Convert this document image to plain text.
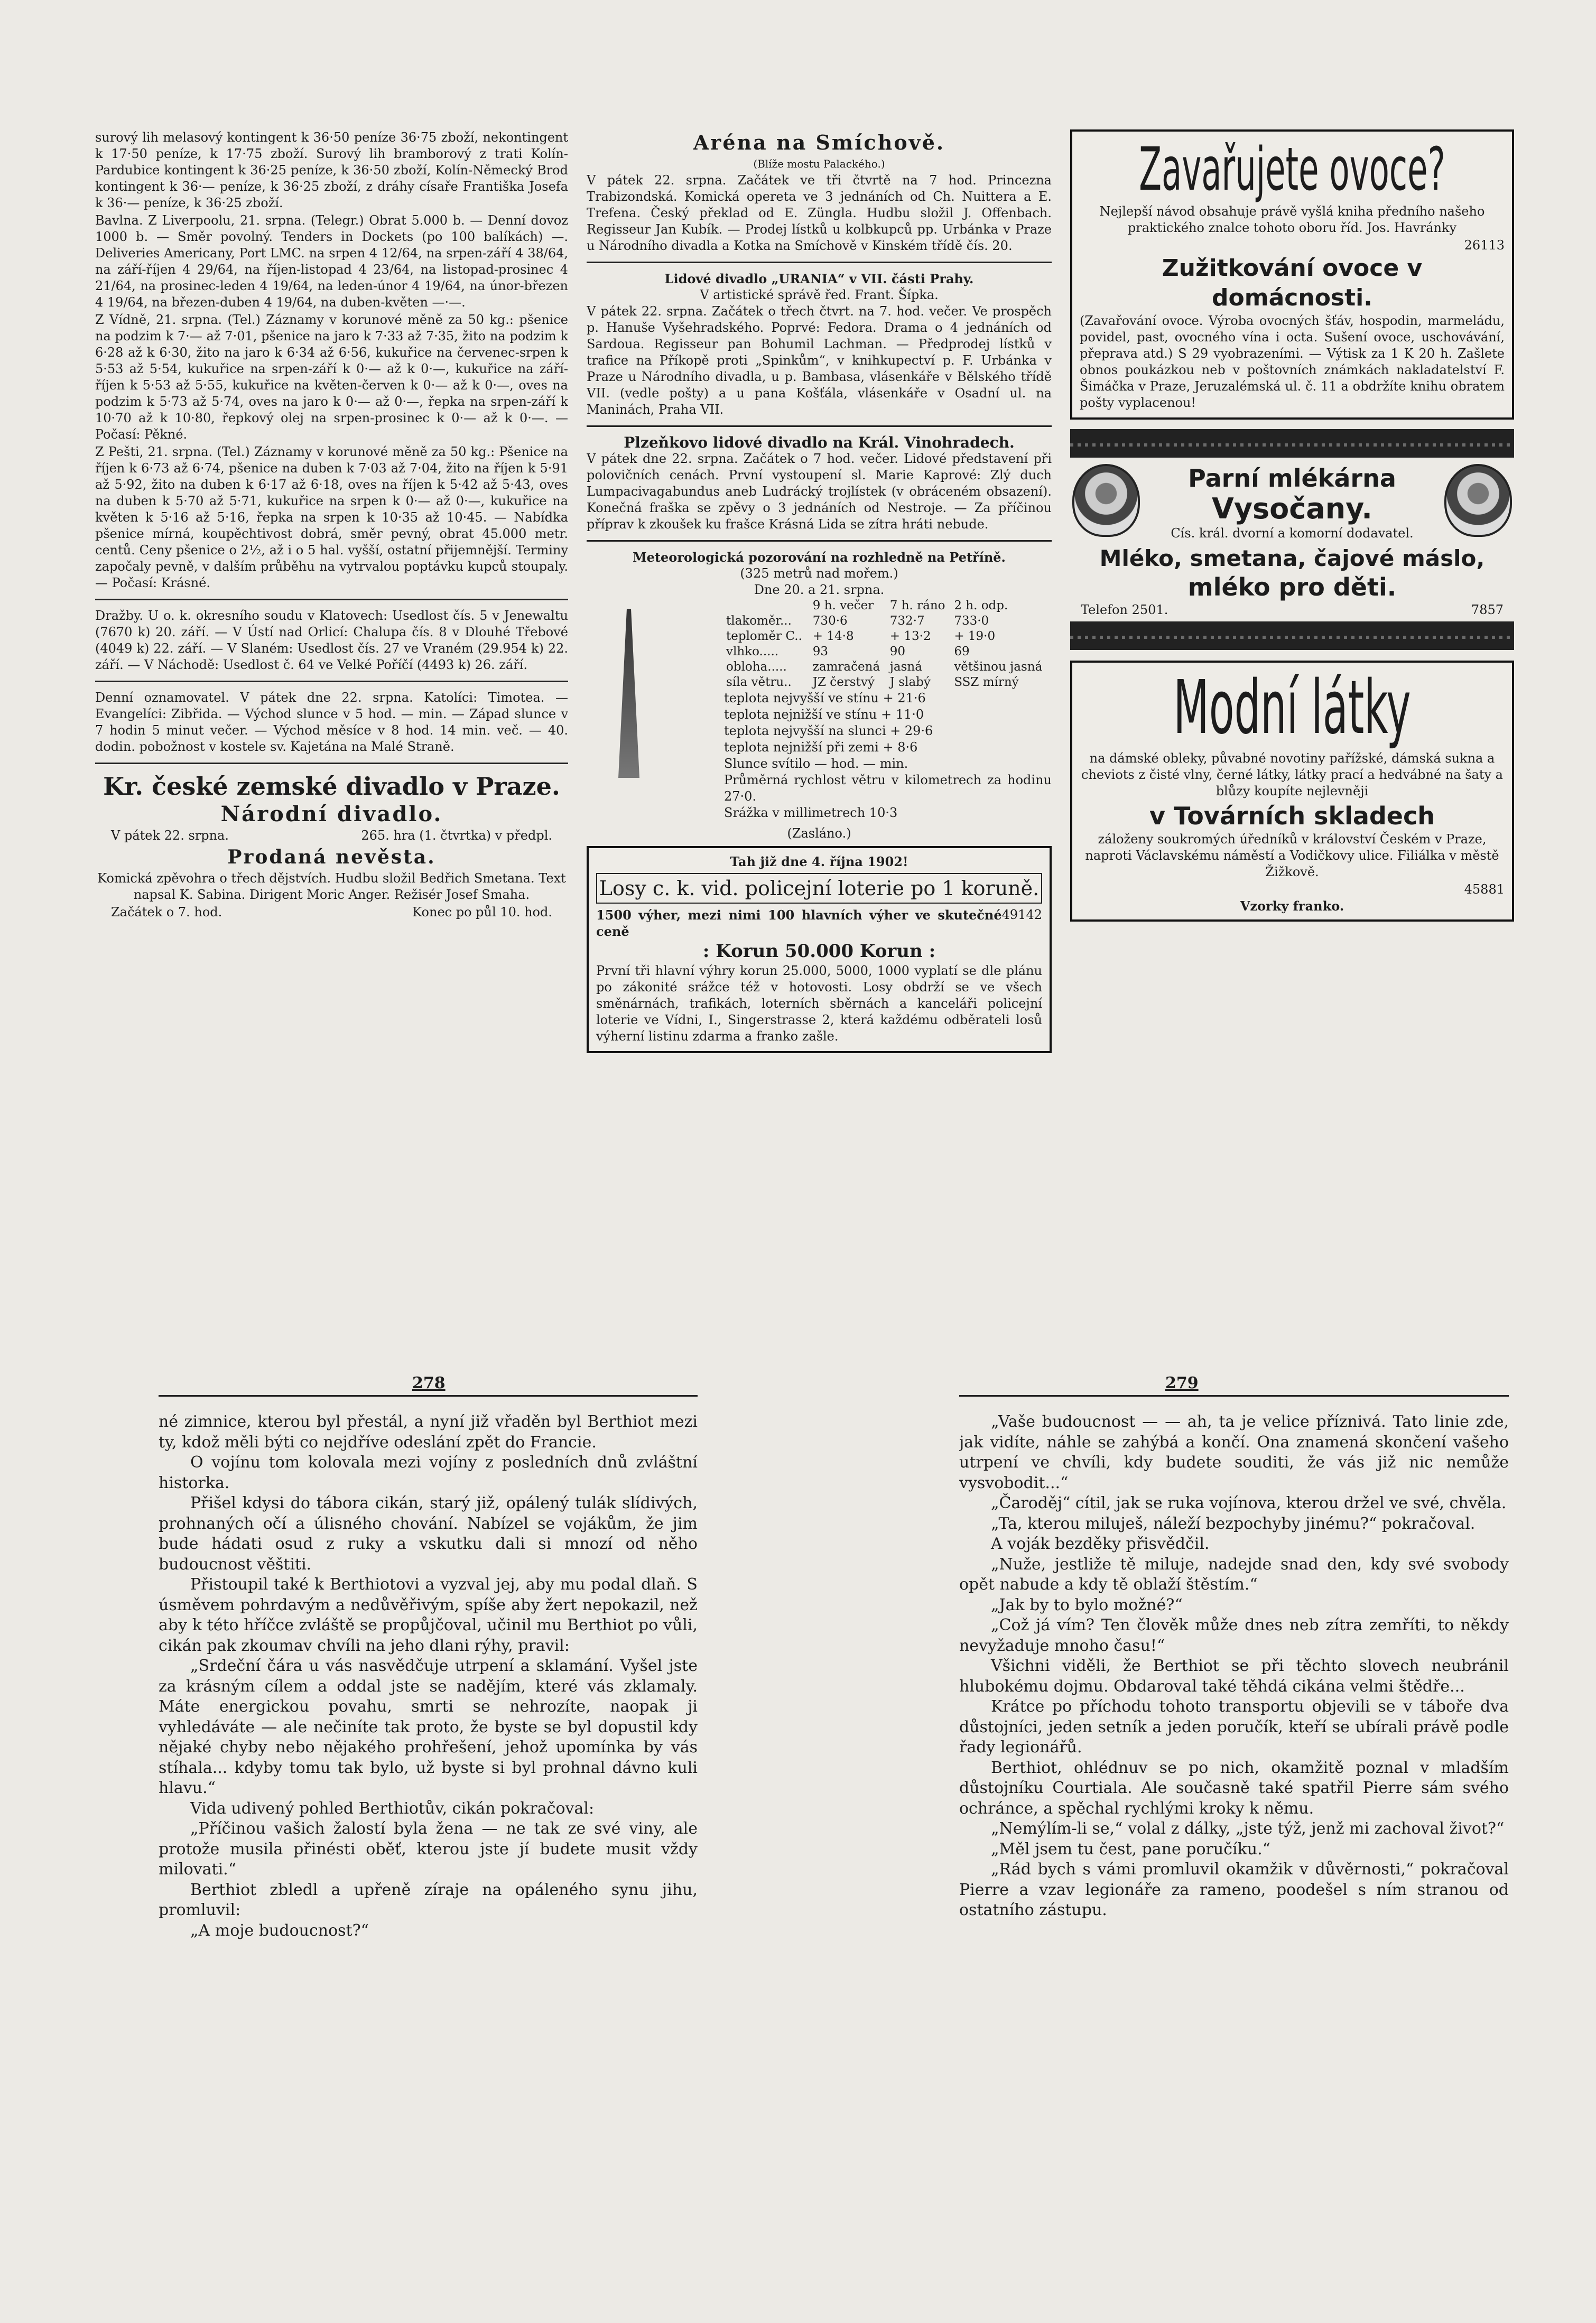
surový lih melasový kontingent k 36·50 peníze 36·75 zboží, nekontingent k 17·50 peníze, k 17·75 zboží. Surový lih bramborový z trati Kolín-Pardubice kontingent k 36·25 peníze, k 36·50 zboží, Kolín-Německý Brod kontingent k 36·— peníze, k 36·25 zboží, z dráhy císaře Františka Josefa k 36·— peníze, k 36·25 zboží.

Bavlna. Z Liverpoolu, 21. srpna. (Telegr.) Obrat 5.000 b. — Denní dovoz 1000 b. — Směr povolný. Tenders in Dockets (po 100 balíkách) —. Deliveries Americany, Port LMC. na srpen 4 12/64, na srpen-září 4 38/64, na září-říjen 4 29/64, na říjen-listopad 4 23/64, na listopad-prosinec 4 21/64, na prosinec-leden 4 19/64, na leden-únor 4 19/64, na únor-březen 4 19/64, na březen-duben 4 19/64, na duben-květen —·—.

Z Vídně, 21. srpna. (Tel.) Záznamy v korunové měně za 50 kg.: pšenice na podzim k 7·— až 7·01, pšenice na jaro k 7·33 až 7·35, žito na podzim k 6·28 až k 6·30, žito na jaro k 6·34 až 6·56, kukuřice na červenec-srpen k 5·53 až 5·54, kukuřice na srpen-září k 0·— až k 0·—, kukuřice na září-říjen k 5·53 až 5·55, kukuřice na květen-červen k 0·— až k 0·—, oves na podzim k 5·73 až 5·74, oves na jaro k 0·— až 0·—, řepka na srpen-září k 10·70 až k 10·80, řepkový olej na srpen-prosinec k 0·— až k 0·—. — Počasí: Pěkné.

Z Pešti, 21. srpna. (Tel.) Záznamy v korunové měně za 50 kg.: Pšenice na říjen k 6·73 až 6·74, pšenice na duben k 7·03 až 7·04, žito na říjen k 5·91 až 5·92, žito na duben k 6·17 až 6·18, oves na říjen k 5·42 až 5·43, oves na duben k 5·70 až 5·71, kukuřice na srpen k 0·— až 0·—, kukuřice na květen k 5·16 až 5·16, řepka na srpen k 10·35 až 10·45. — Nabídka pšenice mírná, koupěchtivost dobrá, směr pevný, obrat 45.000 metr. centů. Ceny pšenice o 2½, až i o 5 hal. vyšší, ostatní přijemnější. Terminy započaly pevně, v dalším průběhu na vytrvalou poptávku kupců stoupaly. — Počasí: Krásné.

Dražby. U o. k. okresního soudu v Klatovech: Usedlost čís. 5 v Jenewaltu (7670 k) 20. září. — V Ústí nad Orlicí: Chalupa čís. 8 v Dlouhé Třebové (4049 k) 22. září. — V Slaném: Usedlost čís. 27 ve Vraném (29.954 k) 22. září. — V Náchodě: Usedlost č. 64 ve Velké Poříčí (4493 k) 26. září.

Denní oznamovatel. V pátek dne 22. srpna. Katolíci: Timotea. — Evangelíci: Zibřida. — Východ slunce v 5 hod. — min. — Západ slunce v 7 hodin 5 minut večer. — Východ měsíce v 8 hod. 14 min. več. — 40. dodin. pobožnost v kostele sv. Kajetána na Malé Straně.

Kr. české zemské divadlo v Praze.
Národní divadlo.
V pátek 22. srpna.	265. hra (1. čtvrtka) v předpl.
Prodaná nevěsta.

Komická zpěvohra o třech dějstvích. Hudbu složil Bedřich Smetana. Text napsal K. Sabina. Dirigent Moric Anger. Režisér Josef Smaha.

Začátek o 7. hod.	Konec po půl 10. hod.
Aréna na Smíchově.
(Blíže mostu Palackého.)

V pátek 22. srpna. Začátek ve tři čtvrtě na 7 hod. Princezna Trabizondská. Komická opereta ve 3 jednáních od Ch. Nuittera a E. Trefena. Český překlad od E. Züngla. Hudbu složil J. Offenbach. Regisseur Jan Kubík. — Prodej lístků u kolbkupců pp. Urbánka v Praze u Národního divadla a Kotka na Smíchově v Kinském třídě čís. 20.

Lidové divadlo „URANIA“ v VII. části Prahy.
V artistické správě řed. Frant. Šípka.

V pátek 22. srpna. Začátek o třech čtvrt. na 7. hod. večer. Ve prospěch p. Hanuše Vyšehradského. Poprvé: Fedora. Drama o 4 jednáních od Sardoua. Regisseur pan Bohumil Lachman. — Předprodej lístků v trafice na Příkopě proti „Spinkům“, v knihkupectví p. F. Urbánka v Praze u Národního divadla, u p. Bambasa, vlásenkáře v Bělského třídě VII. (vedle pošty) a u pana Košťála, vlásenkáře v Osadní ul. na Maninách, Praha VII.

Plzeňkovo lidové divadlo na Král. Vinohradech.

V pátek dne 22. srpna. Začátek o 7 hod. večer. Lidové představení při polovičních cenách. První vystoupení sl. Marie Kaprové: Zlý duch Lumpacivagabundus aneb Ludrácký trojlístek (v obráceném obsazení). Konečná fraška se zpěvy o 3 jednáních od Nestroje. — Za příčinou příprav k zkoušek ku frašce Krásná Lida se zítra hráti nebude.

Meteorologická pozorování na rozhledně na Petříně.
(325 metrů nad mořem.)
Dne 20. a 21. srpna.
	9 h. večer	7 h. ráno	2 h. odp.
tlakoměr...	730·6	732·7	733·0
teploměr C..	+ 14·8	+ 13·2	+ 19·0
vlhko.....	93	90	69
obloha.....	zamračená	jasná	většinou jasná
síla větru..	JZ čerstvý	J slabý	SSZ mírný
teplota nejvyšší ve stínu + 21·6
teplota nejnižší ve stínu + 11·0
teplota nejvyšší na slunci + 29·6
teplota nejnižší při zemi + 8·6
Slunce svítilo — hod. — min.
Průměrná rychlost větru v kilometrech za hodinu 27·0.
Srážka v millimetrech 10·3
(Zasláno.)
Tah již dne 4. října 1902!
Losy c. k. vid. policejní loterie po 1 koruně.
1500 výher, mezi nimi 100 hlavních výher ve skutečné ceně
49142
: Korun 50.000 Korun :

První tři hlavní výhry korun 25.000, 5000, 1000 vyplatí se dle plánu po zákonité srážce též v hotovosti. Losy obdrží se ve všech směnárnách, trafikách, loterních sběrnách a kanceláři policejní loterie ve Vídni, I., Singerstrasse 2, která každému odběrateli losů výherní listinu zdarma a franko zašle.

Zavařujete ovoce?

Nejlepší návod obsahuje právě vyšlá kniha předního našeho praktického znalce tohoto oboru říd. Jos. Havránky

26113
Zužitkování ovoce v domácnosti.

(Zavařování ovoce. Výroba ovocných šťáv, hospodin, marmeládu, povidel, past, ovocného vína i octa. Sušení ovoce, uschovávání, přeprava atd.) S 29 vyobrazeními. — Výtisk za 1 K 20 h. Zašlete obnos poukázkou neb v poštovních známkách nakladatelství F. Šimáčka v Praze, Jeruzalémská ul. č. 11 a obdržíte knihu obratem pošty vyplacenou!

Parní mlékárna
Vysočany.
Cís. král. dvorní a komorní dodavatel.
Mléko, smetana, čajové máslo,
mléko pro děti.
Telefon 2501.	7857
Modní látky

na dámské obleky, půvabné novotiny pařížské, dámská sukna a cheviots z čisté vlny, černé látky, látky prací a hedvábné na šaty a blůzy koupíte nejlevněji

v Továrních skladech

záloženy soukromých úředníků v království Českém v Praze, naproti Václavskému náměstí a Vodičkovy ulice. Filiálka v městě Žižkově.

45881
Vzorky franko.
278	279

né zimnice, kterou byl přestál, a nyní již vřaděn byl Berthiot mezi ty, kdož měli býti co nejdříve odeslání zpět do Francie.

O vojínu tom kolovala mezi vojíny z posledních dnů zvláštní historka.

Přišel kdysi do tábora cikán, starý již, opálený tulák slídivých, prohnaných očí a úlisného chování. Nabízel se vojákům, že jim bude hádati osud z ruky a vskutku dali si mnozí od něho budoucnost věštiti.

Přistoupil také k Berthiotovi a vyzval jej, aby mu podal dlaň. S úsměvem pohrdavým a nedůvěřivým, spíše aby žert nepokazil, než aby k této hříčce zvláště se propůjčoval, učinil mu Berthiot po vůli, cikán pak zkoumav chvíli na jeho dlani rýhy, pravil:

„Srdeční čára u vás nasvědčuje utrpení a sklamání. Vyšel jste za krásným cílem a oddal jste se nadějím, které vás zklamaly. Máte energickou povahu, smrti se nehrozíte, naopak ji vyhledáváte — ale nečiníte tak proto, že byste se byl dopustil kdy nějaké chyby nebo nějakého prohřešení, jehož upomínka by vás stíhala... kdyby tomu tak bylo, už byste si byl prohnal dávno kuli hlavu.“

Vida udivený pohled Berthiotův, cikán pokračoval:

„Příčinou vašich žalostí byla žena — ne tak ze své viny, ale protože musila přinésti oběť, kterou jste jí budete musit vždy milovati.“

Berthiot zbledl a upřeně zíraje na opáleného synu jihu, promluvil:

„A moje budoucnost?“

„Vaše budoucnost — — ah, ta je velice příznivá. Tato linie zde, jak vidíte, náhle se zahýbá a končí. Ona znamená skončení vašeho utrpení ve chvíli, kdy budete souditi, že vás již nic nemůže vysvobodit...“

„Čaroděj“ cítil, jak se ruka vojínova, kterou držel ve své, chvěla.

„Ta, kterou miluješ, náleží bezpochyby jinému?“ pokračoval.

A voják bezděky přisvědčil.

„Nuže, jestliže tě miluje, nadejde snad den, kdy své svobody opět nabude a kdy tě oblaží štěstím.“

„Jak by to bylo možné?“

„Což já vím? Ten člověk může dnes neb zítra zemříti, to někdy nevyžaduje mnoho času!“

Všichni viděli, že Berthiot se při těchto slovech neubránil hlubokému dojmu. Obdaroval také těhdá cikána velmi štědře...

Krátce po příchodu tohoto transportu objevili se v táboře dva důstojníci, jeden setník a jeden poručík, kteří se ubírali právě podle řady legionářů.

Berthiot, ohlédnuv se po nich, okamžitě poznal v mladším důstojníku Courtiala. Ale současně také spatřil Pierre sám svého ochránce, a spěchal rychlými kroky k němu.

„Nemýlím-li se,“ volal z dálky, „jste týž, jenž mi zachoval život?“

„Měl jsem tu čest, pane poručíku.“

„Rád bych s vámi promluvil okamžik v důvěrnosti,“ pokračoval Pierre a vzav legionáře za rameno, poodešel s ním stranou od ostatního zástupu.
